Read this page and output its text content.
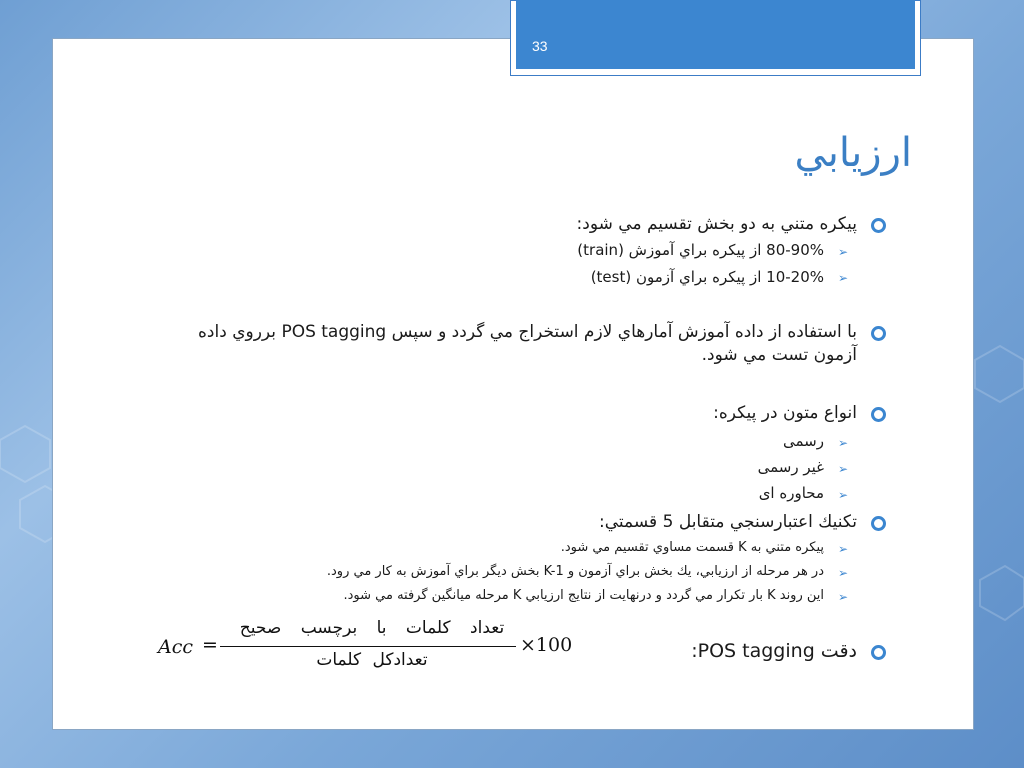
33
ارزيابي
➢
➢
➢
➢
➢
➢
➢
➢
پيكره متني به دو بخش تقسيم مي شود:
80-90% از پيكره براي آموزش (train)
10-20% از پيكره براي آزمون (test)
با استفاده از داده آموزش آمارهاي لازم استخراج مي گردد و سپس POS tagging برروي داده
آزمون تست مي شود.
انواع متون در پيكره:
رسمی
غیر رسمی
محاوره ای
تكنيك اعتبارسنجي متقابل 5 قسمتي:
پيكره متني به K قسمت مساوي تقسيم مي شود.
در هر مرحله از ارزيابي، يك بخش براي آزمون و K-1 بخش ديگر براي آموزش به كار مي رود.
اين روند K بار تكرار مي گردد و درنهايت از نتايج ارزيابي K مرحله ميانگين گرفته مي شود.
دقت POS tagging:
Acc =
تعداد كلمات با برچسب صحيح
تعدادكل كلمات
×100
